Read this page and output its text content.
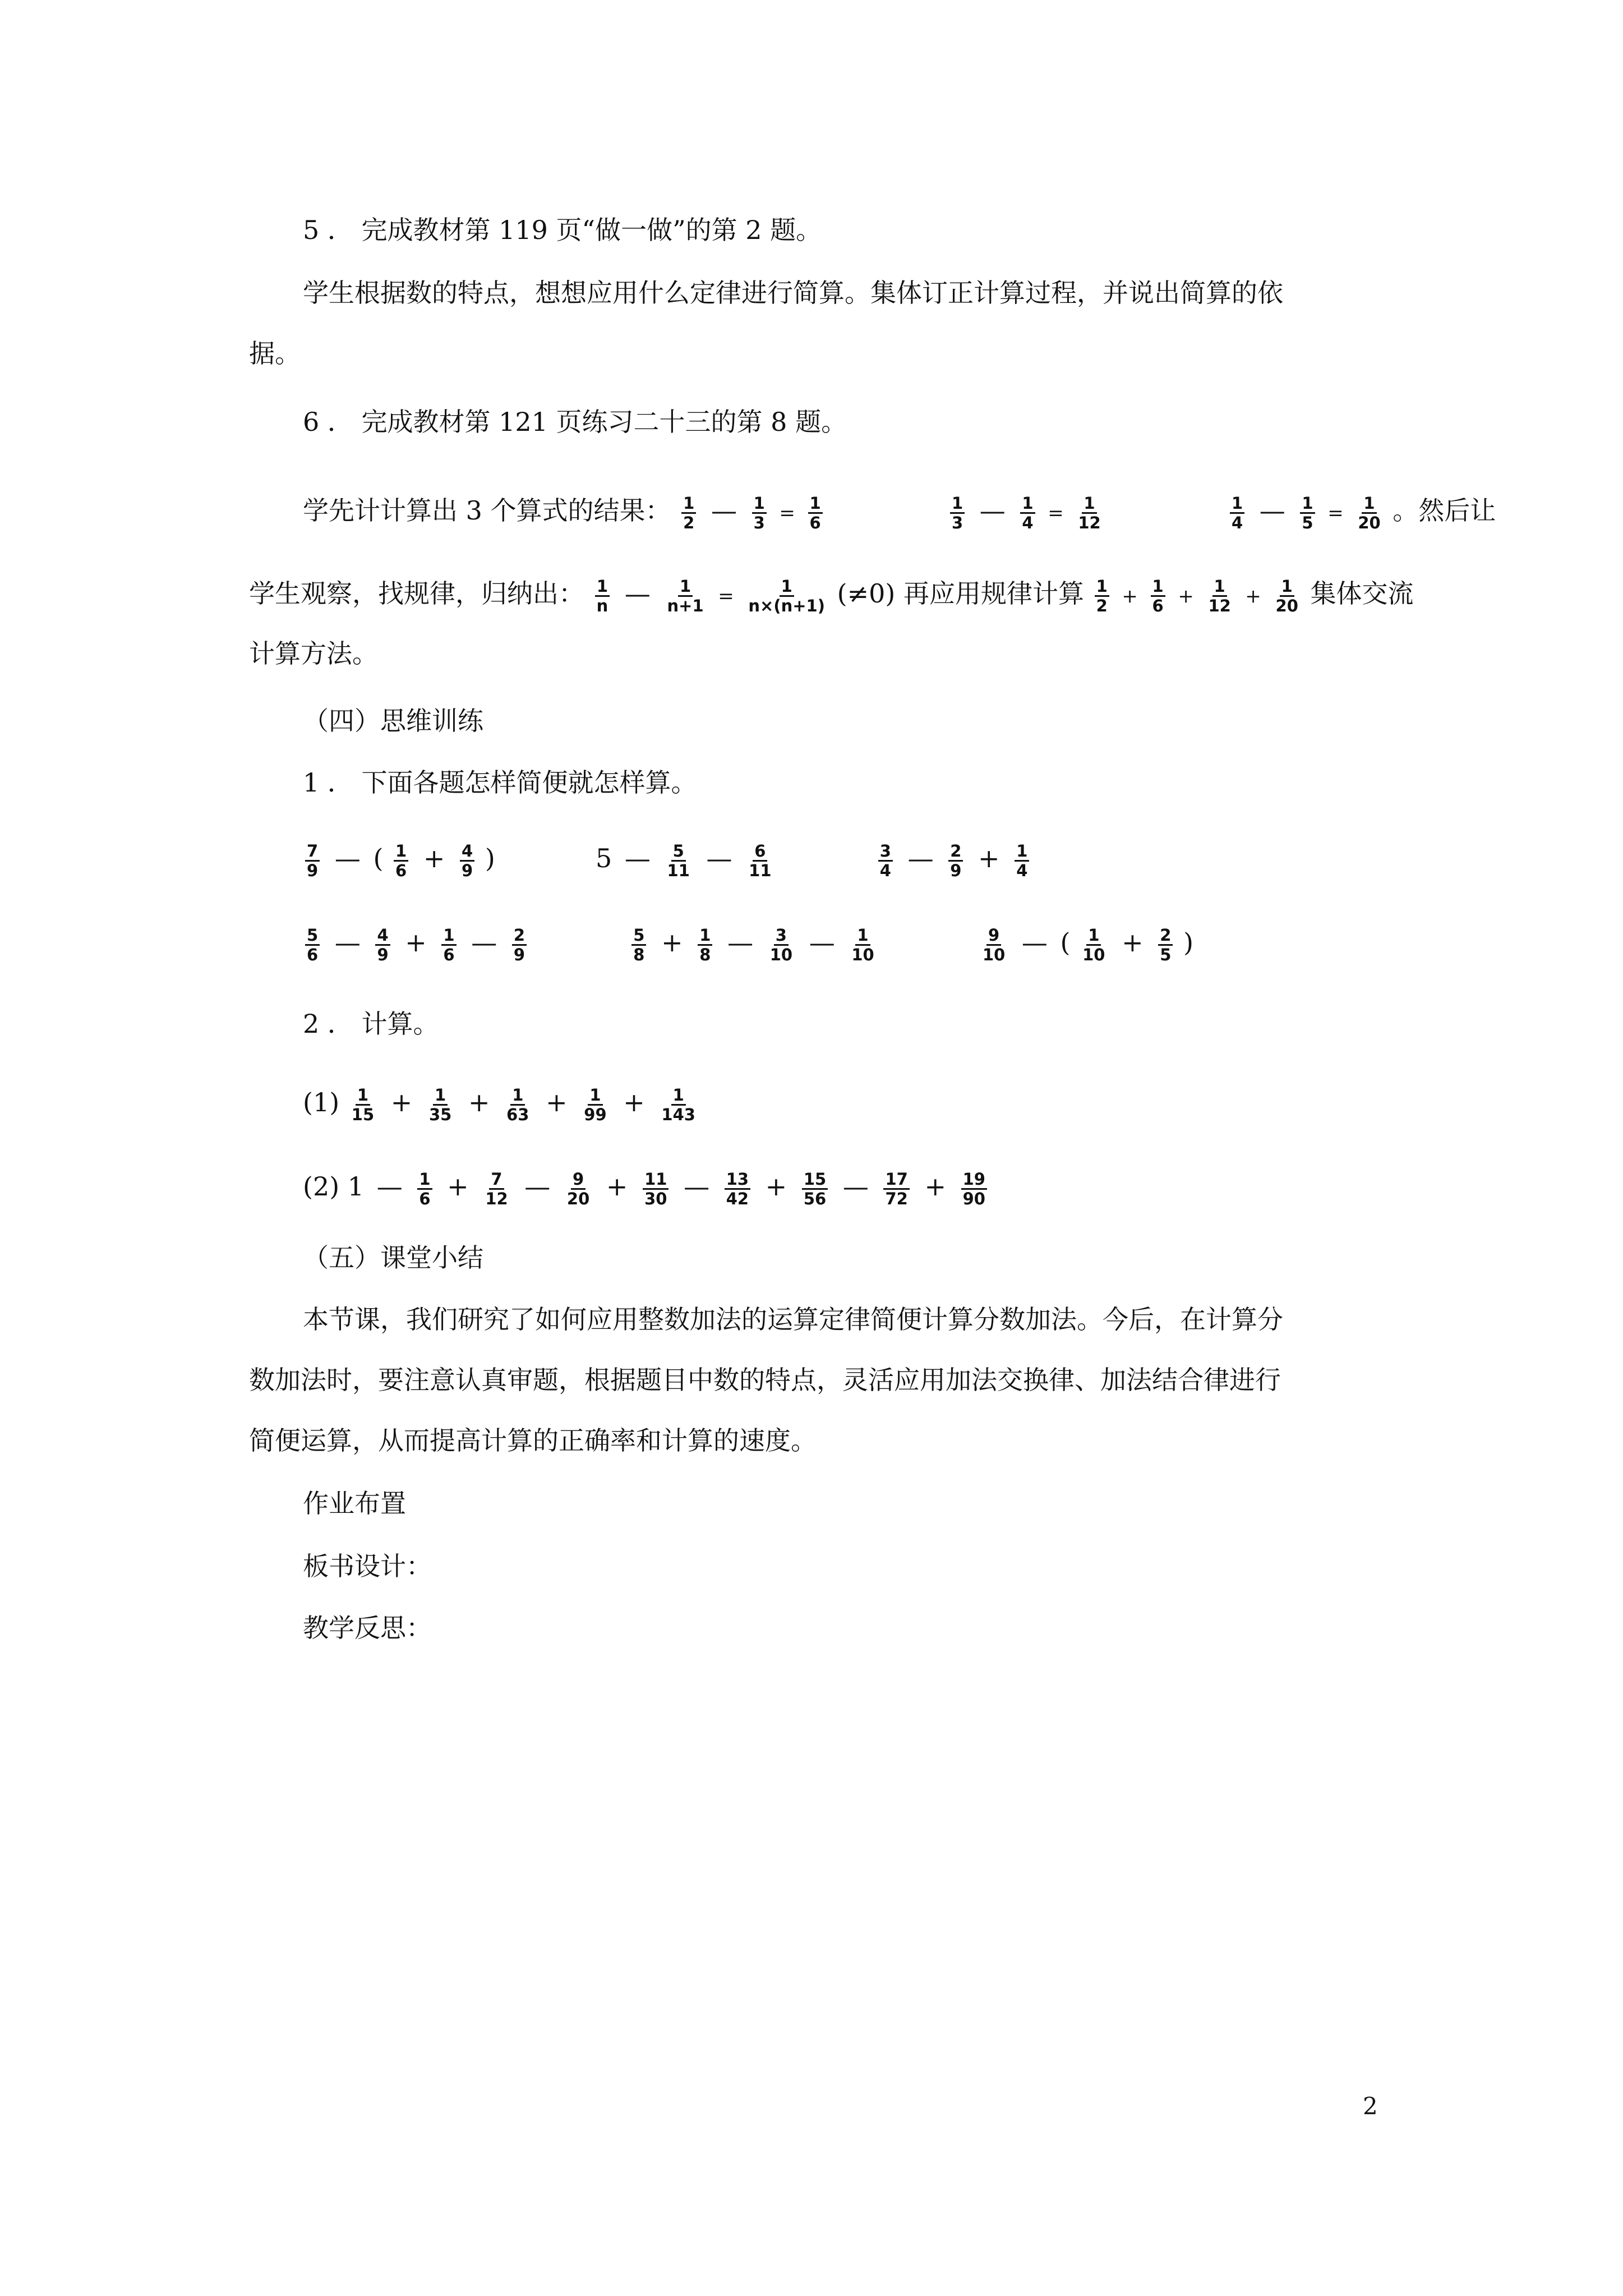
5 ． 完成教材第 119 页“做一做”的第 2 题。
学生根据数的特点，想想应用什么定律进行简算。集体订正计算过程，并说出简算的依
据。
6 ． 完成教材第 121 页练习二十三的第 8 题。
学先计计算出 3 个算式的结果： $\frac{1}{2}$ — $\frac{1}{3} = \frac{1}{6}$
	$\frac{1}{3}$ — $\frac{1}{4} = \frac{1}{12}$
	$\frac{1}{4}$ — $\frac{1}{5} = \frac{1}{20}$ 。然后让
学生观察，找规律，归纳出： $\frac{1}{n}$ — $\frac{1}{n+1} = \frac{1}{n\times(n+1)} (\ne 0)$ 再应用规律计算 $\frac{1}{2} + \frac{1}{6} + \frac{1}{12} + \frac{1}{20}$ 集体交流
计算方法。
（四）思维训练
1 ． 下面各题怎样简便就怎样算。
$\frac{7}{9}$ — ( $\frac{1}{6} + \frac{4}{9}$ )	5 — $\frac{5}{11}$ — $\frac{6}{11}$
	$\frac{3}{4}$ — $\frac{2}{9} + \frac{1}{4}$
$\frac{5}{6}$ — $\frac{4}{9} + \frac{1}{6}$ — $\frac{2}{9}$
	$\frac{5}{8} + \frac{1}{8}$ — $\frac{3}{10}$ — $\frac{1}{10}$
	$\frac{9}{10}$ — ( $\frac{1}{10} + \frac{2}{5}$ )
2 ． 计算。
$(1) \frac{1}{15} + \frac{1}{35} + \frac{1}{63} + \frac{1}{99} + \frac{1}{143}$
(2) 1 — $\frac{1}{6} + \frac{7}{12}$ — $\frac{9}{20} + \frac{11}{30}$ — $\frac{13}{42} + \frac{15}{56}$ — $\frac{17}{72} + \frac{19}{90}$
（五）课堂小结
本节课，我们研究了如何应用整数加法的运算定律简便计算分数加法。今后，在计算分
数加法时，要注意认真审题，根据题目中数的特点，灵活应用加法交换律、加法结合律进行
简便运算，从而提高计算的正确率和计算的速度。
作业布置
板书设计：
教学反思：
2
